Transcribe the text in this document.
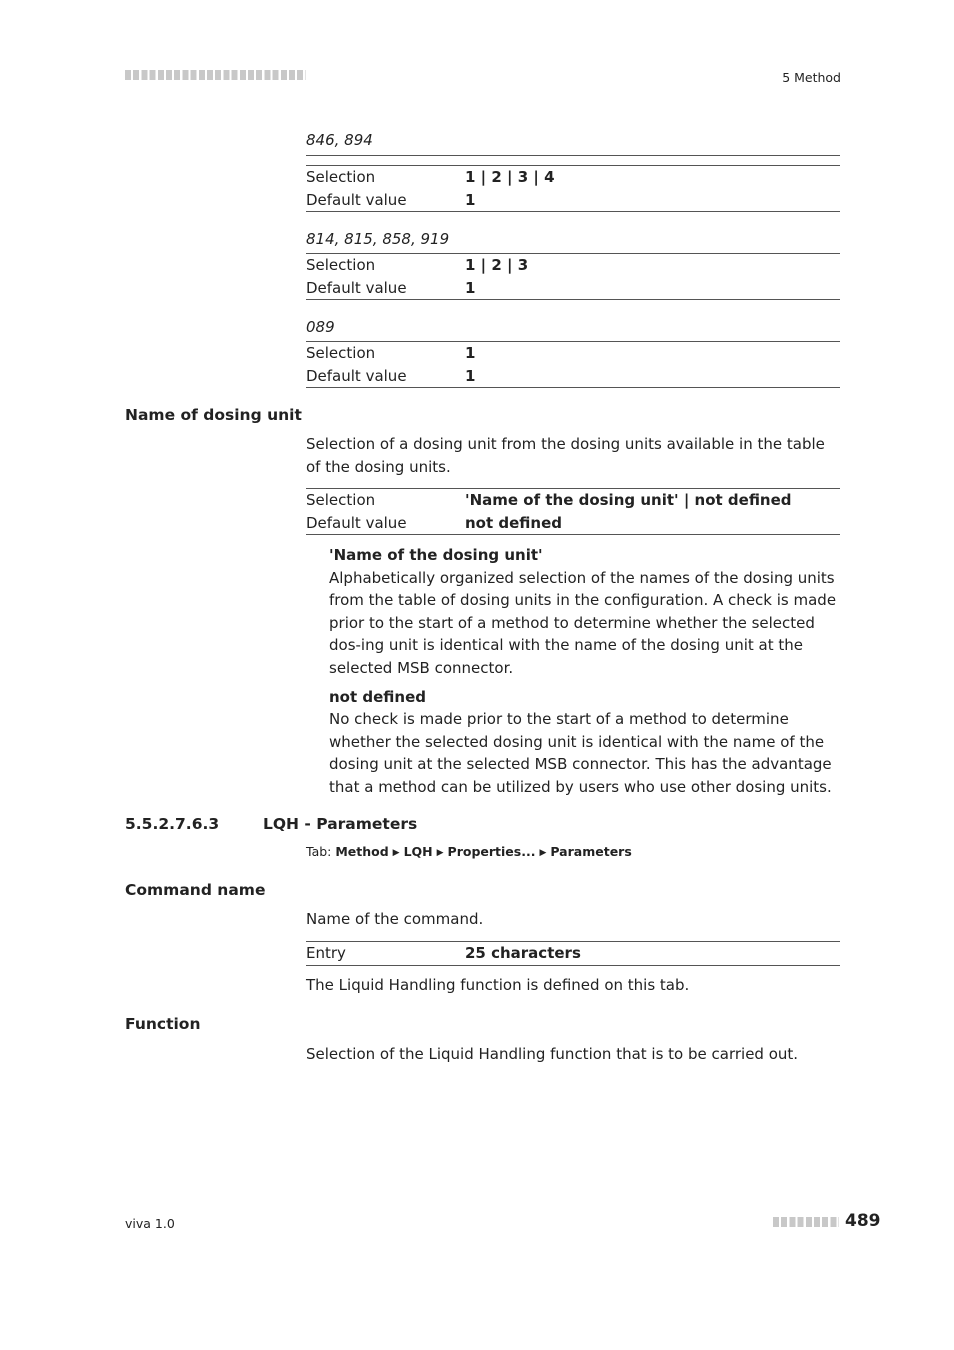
5 Method
846, 894
Selection	1 | 2 | 3 | 4
Default value	1
814, 815, 858, 919
Selection	1 | 2 | 3
Default value	1
089
Selection	1
Default value	1
Name of dosing unit
Selection of a dosing unit from the dosing units available in the table of the dosing units.
Selection	'Name of the dosing unit' | not defined
Default value	not defined
'Name of the dosing unit'
Alphabetically organized selection of the names of the dosing units from the table of dosing units in the configuration. A check is made prior to the start of a method to determine whether the selected dos-ing unit is identical with the name of the dosing unit at the selected MSB connector.
not defined
No check is made prior to the start of a method to determine whether the selected dosing unit is identical with the name of the dosing unit at the selected MSB connector. This has the advantage that a method can be utilized by users who use other dosing units.
5.5.2.7.6.3	LQH - Parameters
Tab: Method ▶ LQH ▶ Properties... ▶ Parameters
Command name
Name of the command.
Entry	25 characters
The Liquid Handling function is defined on this tab.
Function
Selection of the Liquid Handling function that is to be carried out.
viva 1.0	489
